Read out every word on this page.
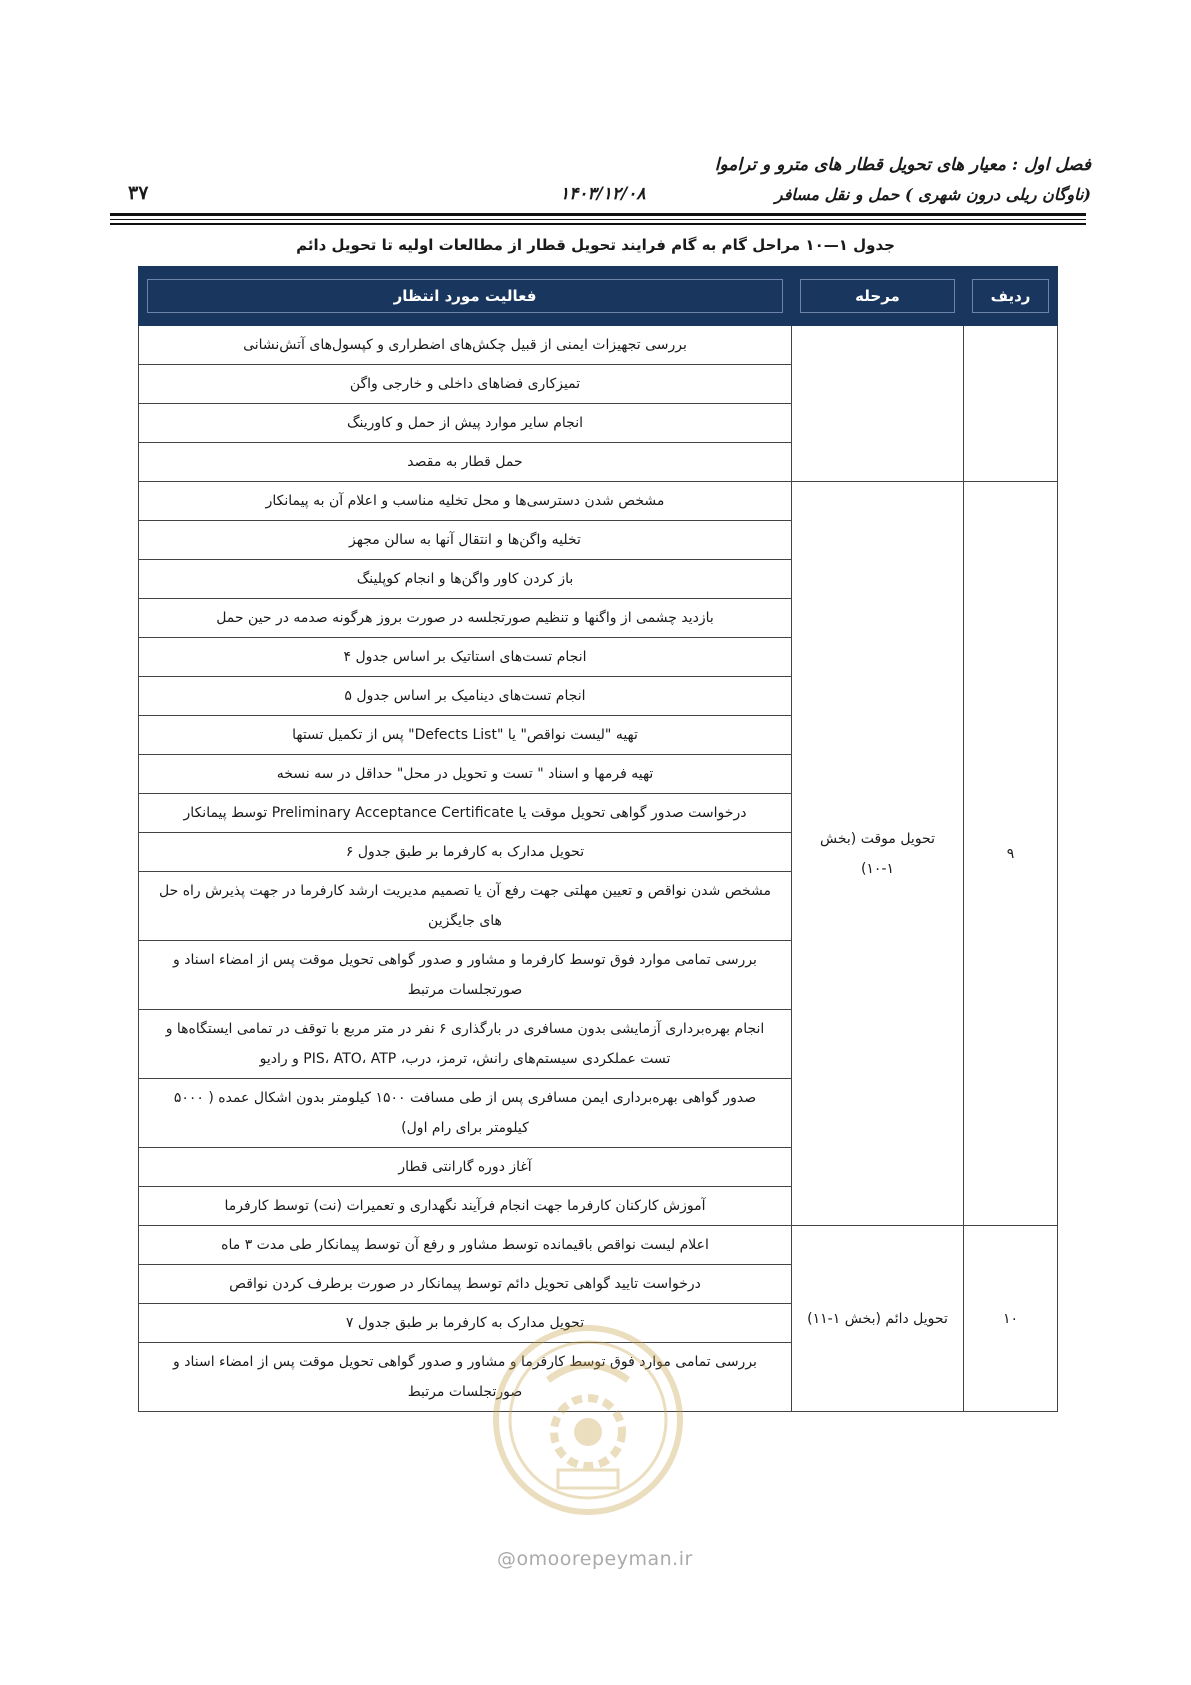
فصل اول : معیار های تحویل قطار های مترو و تراموا
(ناوگان ریلی درون شهری ) حمل و نقل مسافر
۱۴۰۳/۱۲/۰۸
۳۷
جدول ۱—۱۰ مراحل گام به گام فرایند تحویل قطار از مطالعات اولیه تا تحویل دائم
ردیف	مرحله	فعالیت مورد انتظار

		بررسی تجهیزات ایمنی از قبیل چکش‌های اضطراری و کپسول‌های آتش‌نشانی
		تمیزکاری فضاهای داخلی و خارجی واگن
		انجام سایر موارد پیش از حمل و کاورینگ
		حمل قطار به مقصد
۹	تحویل موقت (بخش ۱-۱۰)	مشخص شدن دسترسی‌ها و محل تخلیه مناسب و اعلام آن به پیمانکار
		تخلیه واگن‌ها و انتقال آنها به سالن مجهز
		باز کردن کاور واگن‌ها و انجام کوپلینگ
		بازدید چشمی از واگنها و تنظیم صورتجلسه در صورت بروز هرگونه صدمه در حین حمل
		انجام تست‌های استاتیک بر اساس جدول ۴
		انجام تست‌های دینامیک بر اساس جدول ۵
		تهیه "لیست نواقص" یا "Defects List" پس از تکمیل تستها
		تهیه فرمها و اسناد " تست و تحویل در محل" حداقل در سه نسخه
		درخواست صدور گواهی تحویل موقت یا Preliminary Acceptance Certificate توسط پیمانکار
		تحویل مدارک به کارفرما بر طبق جدول ۶
		مشخص شدن نواقص و تعیین مهلتی جهت رفع آن یا تصمیم مدیریت ارشد کارفرما در جهت پذیرش راه حل های جایگزین
		بررسی تمامی موارد فوق توسط کارفرما و مشاور و صدور گواهی تحویل موقت پس از امضاء اسناد و صورتجلسات مرتبط
		انجام بهره‌برداری آزمایشی بدون مسافری در بارگذاری ۶ نفر در متر مربع با توقف در تمامی ایستگاه‌ها و تست عملکردی سیستم‌های رانش، ترمز، درب، PIS، ATO، ATP و رادیو
		صدور گواهی بهره‌برداری ایمن مسافری پس از طی مسافت ۱۵۰۰ کیلومتر بدون اشکال عمده ( ۵۰۰۰ کیلومتر برای رام اول)
		آغاز دوره گارانتی قطار
		آموزش کارکنان کارفرما جهت انجام فرآیند نگهداری و تعمیرات (نت) توسط کارفرما
۱۰	تحویل دائم (بخش ۱-۱۱)	اعلام لیست نواقص باقیمانده توسط مشاور و رفع آن توسط پیمانکار طی مدت ۳ ماه
		درخواست تایید گواهی تحویل دائم توسط پیمانکار در صورت برطرف کردن نواقص
		تحویل مدارک به کارفرما بر طبق جدول ۷
		بررسی تمامی موارد فوق توسط کارفرما و مشاور و صدور گواهی تحویل موقت پس از امضاء اسناد و صورتجلسات مرتبط
@omoorepeyman.ir
